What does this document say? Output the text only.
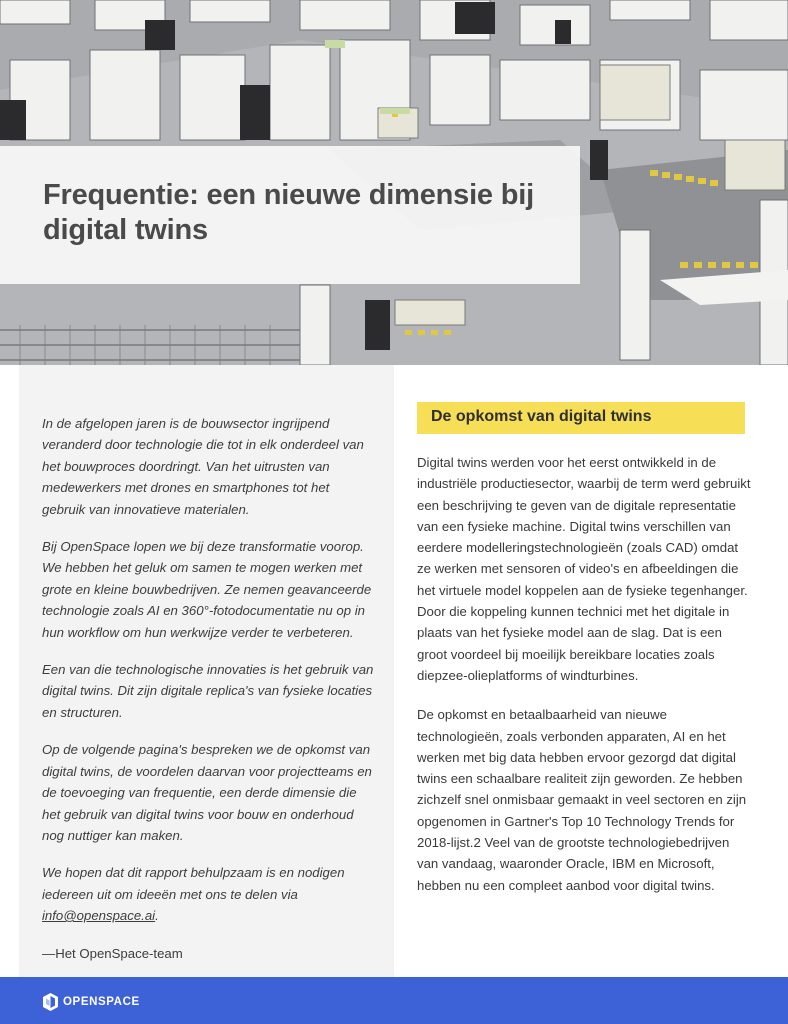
Frequentie: een nieuwe dimensie bij digital twins

In de afgelopen jaren is de bouwsector ingrijpend veranderd door technologie die tot in elk onderdeel van het bouwproces doordringt. Van het uitrusten van medewerkers met drones en smartphones tot het gebruik van innovatieve materialen.

Bij OpenSpace lopen we bij deze transformatie voorop. We hebben het geluk om samen te mogen werken met grote en kleine bouwbedrijven. Ze nemen geavanceerde technologie zoals AI en 360°-fotodocumentatie nu op in hun workflow om hun werkwijze verder te verbeteren.

Een van die technologische innovaties is het gebruik van digital twins. Dit zijn digitale replica's van fysieke locaties en structuren.

Op de volgende pagina's bespreken we de opkomst van digital twins, de voordelen daarvan voor projectteams en de toevoeging van frequentie, een derde dimensie die het gebruik van digital twins voor bouw en onderhoud nog nuttiger kan maken.

We hopen dat dit rapport behulpzaam is en nodigen iedereen uit om ideeën met ons te delen via info@openspace.ai.

—Het OpenSpace-team

De opkomst van digital twins

Digital twins werden voor het eerst ontwikkeld in de industriële productiesector, waarbij de term werd gebruikt een beschrijving te geven van de digitale representatie van een fysieke machine. Digital twins verschillen van eerdere modelleringstechnologieën (zoals CAD) omdat ze werken met sensoren of video's en afbeeldingen die het virtuele model koppelen aan de fysieke tegenhanger. Door die koppeling kunnen technici met het digitale in plaats van het fysieke model aan de slag. Dat is een groot voordeel bij moeilijk bereikbare locaties zoals diepzee-olieplatforms of windturbines.

De opkomst en betaalbaarheid van nieuwe technologieën, zoals verbonden apparaten, AI en het werken met big data hebben ervoor gezorgd dat digital twins een schaalbare realiteit zijn geworden. Ze hebben zichzelf snel onmisbaar gemaakt in veel sectoren en zijn opgenomen in Gartner's Top 10 Technology Trends for 2018-lijst.2 Veel van de grootste technologiebedrijven van vandaag, waaronder Oracle, IBM en Microsoft, hebben nu een compleet aanbod voor digital twins.

OPENSPACE
